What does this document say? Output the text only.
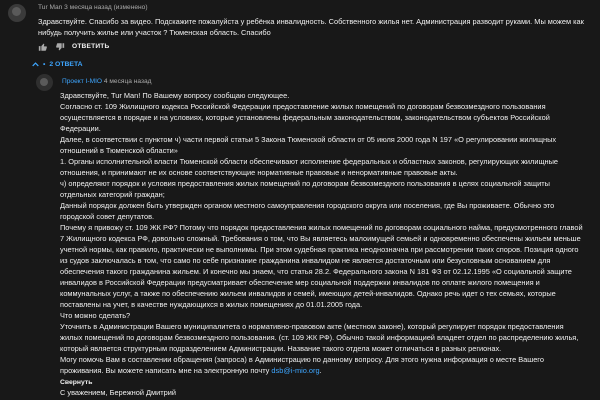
Tur Man 3 месяца назад (изменено)
Здравствуйте. Спасибо за видео. Подскажите пожалуйста у ребёнка инвалидность. Собственного жилья нет. Администрация разводит руками. Мы можем как
нибудь получить жилье или участок ? Тюменская область. Спасибо
ОТВЕТИТЬ
• 2 ОТВЕТА
Проект I-MIO 4 месяца назад

Здравствуйте, Tur Man! По Вашему вопросу сообщаю следующее.

Согласно ст. 109 Жилищного кодекса Российской Федерации предоставление жилых помещений по договорам безвозмездного пользования

осуществляется в порядке и на условиях, которые установлены федеральным законодательством, законодательством субъектов Российской

Федерации.

Далее, в соответствии с пунктом ч) части первой статьи 5 Закона Тюменской области от 05 июля 2000 года N 197 «О регулировании жилищных

отношений в Тюменской области»

1. Органы исполнительной власти Тюменской области обеспечивают исполнение федеральных и областных законов, регулирующих жилищные

отношения, и принимают не их основе соответствующие нормативные правовые и ненормативные правовые акты.

ч) определяют порядок и условия предоставления жилых помещений по договорам безвозмездного пользования в целях социальной защиты

отдельных категорий граждан;

Данный порядок должен быть утвержден органом местного самоуправления городского округа или поселения, где Вы проживаете. Обычно это

городской совет депутатов.

Почему я привожу ст. 109 ЖК РФ? Потому что порядок предоставления жилых помещений по договорам социального найма, предусмотренного главой

7 Жилищного кодекса РФ, довольно сложный. Требования о том, что Вы являетесь малоимущей семьей и одновременно обеспечены жильем меньше

учетной нормы, как правило, практически не выполнимы. При этом судебная практика неоднозначна при рассмотрении таких споров. Позиция одного

из судов заключалась в том, что само по себе признание гражданина инвалидом не является достаточным или безусловным основанием для

обеспечения такого гражданина жильем. И конечно мы знаем, что статья 28.2. Федерального закона N 181 ФЗ от 02.12.1995 «О социальной защите

инвалидов в Российской Федерации предусматривает обеспечение мер социальной поддержки инвалидов по оплате жилого помещения и

коммунальных услуг, а также по обеспечению жильем инвалидов и семей, имеющих детей-инвалидов. Однако речь идет о тех семьях, которые

поставлены на учет, в качестве нуждающихся в жилых помещениях до 01.01.2005 года.

Что можно сделать?

Уточнить в Администрации Вашего муниципалитета о нормативно-правовом акте (местном законе), который регулирует порядок предоставления

жилых помещений по договорам безвозмездного пользования. (ст. 109 ЖК РФ). Обычно такой информацией владеет отдел по распределению жилья,

который является структурным подразделением Администрации. Название такого отдела может отличаться в разных регионах.

Могу помочь Вам в составлении обращения (запроса) в Администрацию по данному вопросу. Для этого нужна информация о месте Вашего

проживания. Вы можете написать мне на электронную почту dsb@i-mio.org.

С уважением, Бережной Дмитрий

Свернуть
